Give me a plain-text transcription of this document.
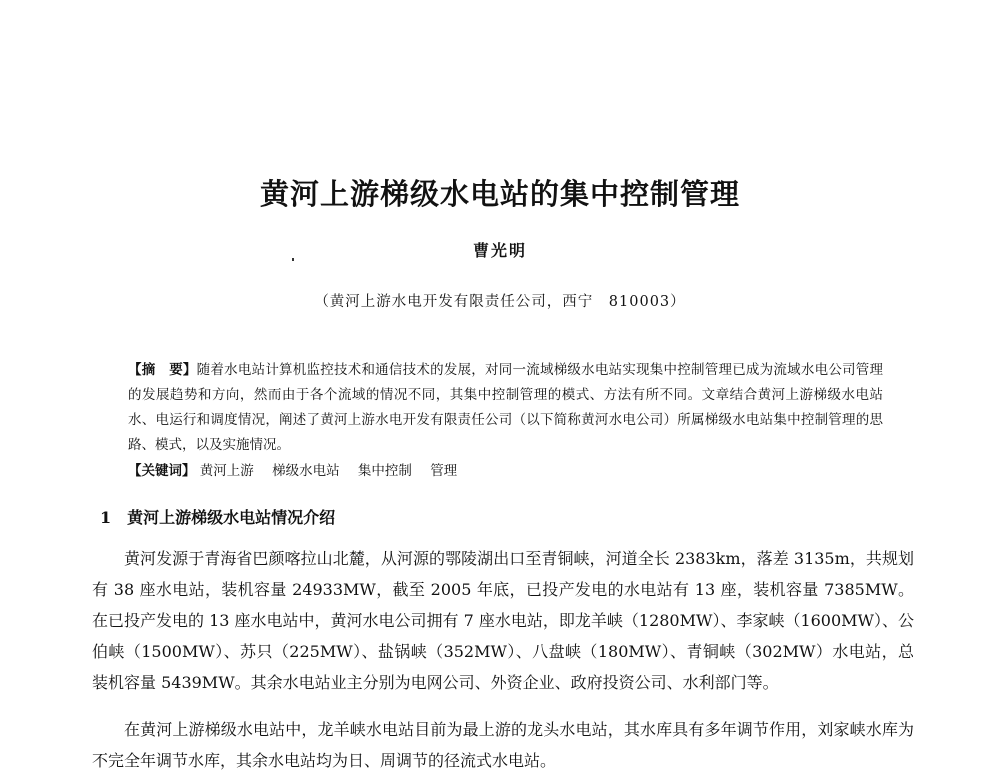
黄河上游梯级水电站的集中控制管理
曹光明
（黄河上游水电开发有限责任公司，西宁　810003）
【摘　要】随着水电站计算机监控技术和通信技术的发展，对同一流域梯级水电站实现集中控制管理已成为流域水电公司管理的发展趋势和方向，然而由于各个流域的情况不同，其集中控制管理的模式、方法有所不同。文章结合黄河上游梯级水电站水、电运行和调度情况，阐述了黄河上游水电开发有限责任公司（以下简称黄河水电公司）所属梯级水电站集中控制管理的思路、模式，以及实施情况。
【关键词】 黄河上游 梯级水电站 集中控制 管理
1 黄河上游梯级水电站情况介绍

黄河发源于青海省巴颜喀拉山北麓，从河源的鄂陵湖出口至青铜峡，河道全长 2383km，落差 3135m，共规划有 38 座水电站，装机容量 24933MW，截至 2005 年底，已投产发电的水电站有 13 座，装机容量 7385MW。在已投产发电的 13 座水电站中，黄河水电公司拥有 7 座水电站，即龙羊峡（1280MW）、李家峡（1600MW）、公伯峡（1500MW）、苏只（225MW）、盐锅峡（352MW）、八盘峡（180MW）、青铜峡（302MW）水电站，总装机容量 5439MW。其余水电站业主分别为电网公司、外资企业、政府投资公司、水利部门等。

在黄河上游梯级水电站中，龙羊峡水电站目前为最上游的龙头水电站，其水库具有多年调节作用，刘家峡水库为不完全年调节水库，其余水电站均为日、周调节的径流式水电站。
